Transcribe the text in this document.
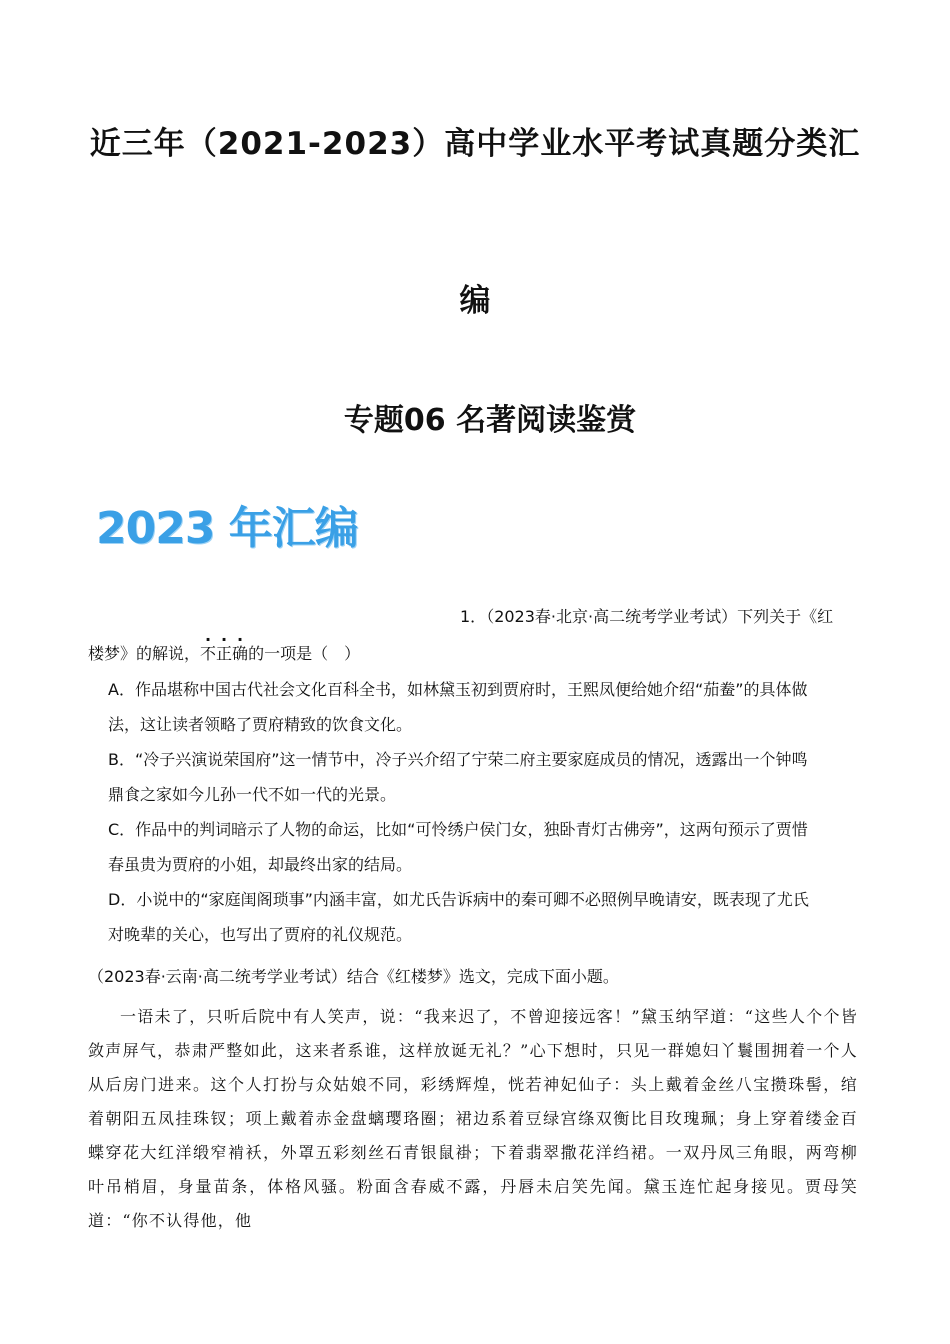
近三年（2021-2023）高中学业水平考试真题分类汇
编
专题06 名著阅读鉴赏
2023 年汇编
1．（2023春·北京·高二统考学业考试）下列关于《红
楼梦》的解说，不正确的一项是（　）
A．作品堪称中国古代社会文化百科全书，如林黛玉初到贾府时，王熙凤便给她介绍“茄鲞”的具体做
法，这让读者领略了贾府精致的饮食文化。
B．“冷子兴演说荣国府”这一情节中，冷子兴介绍了宁荣二府主要家庭成员的情况，透露出一个钟鸣
鼎食之家如今儿孙一代不如一代的光景。
C．作品中的判词暗示了人物的命运，比如“可怜绣户侯门女，独卧青灯古佛旁”，这两句预示了贾惜
春虽贵为贾府的小姐，却最终出家的结局。
D．小说中的“家庭闺阁琐事”内涵丰富，如尤氏告诉病中的秦可卿不必照例早晚请安，既表现了尤氏
对晚辈的关心，也写出了贾府的礼仪规范。
（2023春·云南·高二统考学业考试）结合《红楼梦》选文，完成下面小题。
一语未了，只听后院中有人笑声，说：“我来迟了，不曾迎接远客！”黛玉纳罕道：“这些人个个皆敛声屏气，恭肃严整如此，这来者系谁，这样放诞无礼？”心下想时，只见一群媳妇丫鬟围拥着一个人从后房门进来。这个人打扮与众姑娘不同，彩绣辉煌，恍若神妃仙子：头上戴着金丝八宝攒珠髻，绾着朝阳五凤挂珠钗；项上戴着赤金盘螭璎珞圈；裙边系着豆绿宫绦双衡比目玫瑰珮；身上穿着缕金百蝶穿花大红洋缎窄褃袄，外罩五彩刻丝石青银鼠褂；下着翡翠撒花洋绉裙。一双丹凤三角眼，两弯柳叶吊梢眉，身量苗条，体格风骚。粉面含春威不露，丹唇未启笑先闻。黛玉连忙起身接见。贾母笑道：“你不认得他，他
